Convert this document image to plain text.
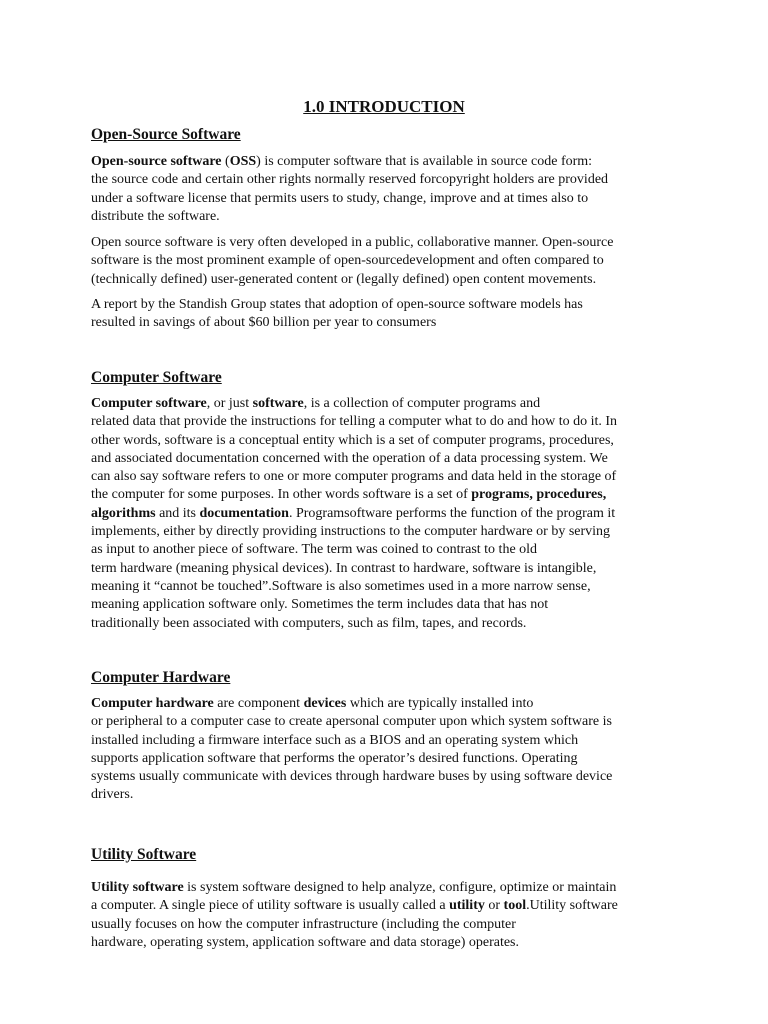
1.0 INTRODUCTION
Open-Source Software
Open-source software (OSS) is computer software that is available in source code form:
the source code and certain other rights normally reserved forcopyright holders are provided
under a software license that permits users to study, change, improve and at times also to
distribute the software.
Open source software is very often developed in a public, collaborative manner. Open-source
software is the most prominent example of open-sourcedevelopment and often compared to
(technically defined) user-generated content or (legally defined) open content movements.
A report by the Standish Group states that adoption of open-source software models has
resulted in savings of about $60 billion per year to consumers
Computer Software
Computer software, or just software, is a collection of computer programs and
related data that provide the instructions for telling a computer what to do and how to do it. In
other words, software is a conceptual entity which is a set of computer programs, procedures,
and associated documentation concerned with the operation of a data processing system. We
can also say software refers to one or more computer programs and data held in the storage of
the computer for some purposes. In other words software is a set of programs, procedures,
algorithms and its documentation. Programsoftware performs the function of the program it
implements, either by directly providing instructions to the computer hardware or by serving
as input to another piece of software. The term was coined to contrast to the old
term hardware (meaning physical devices). In contrast to hardware, software is intangible,
meaning it “cannot be touched”.Software is also sometimes used in a more narrow sense,
meaning application software only. Sometimes the term includes data that has not
traditionally been associated with computers, such as film, tapes, and records.
Computer Hardware
Computer hardware are component devices which are typically installed into
or peripheral to a computer case to create apersonal computer upon which system software is
installed including a firmware interface such as a BIOS and an operating system which
supports application software that performs the operator’s desired functions. Operating
systems usually communicate with devices through hardware buses by using software device
drivers.
Utility Software
Utility software is system software designed to help analyze, configure, optimize or maintain
a computer. A single piece of utility software is usually called a utility or tool.Utility software
usually focuses on how the computer infrastructure (including the computer
hardware, operating system, application software and data storage) operates.
